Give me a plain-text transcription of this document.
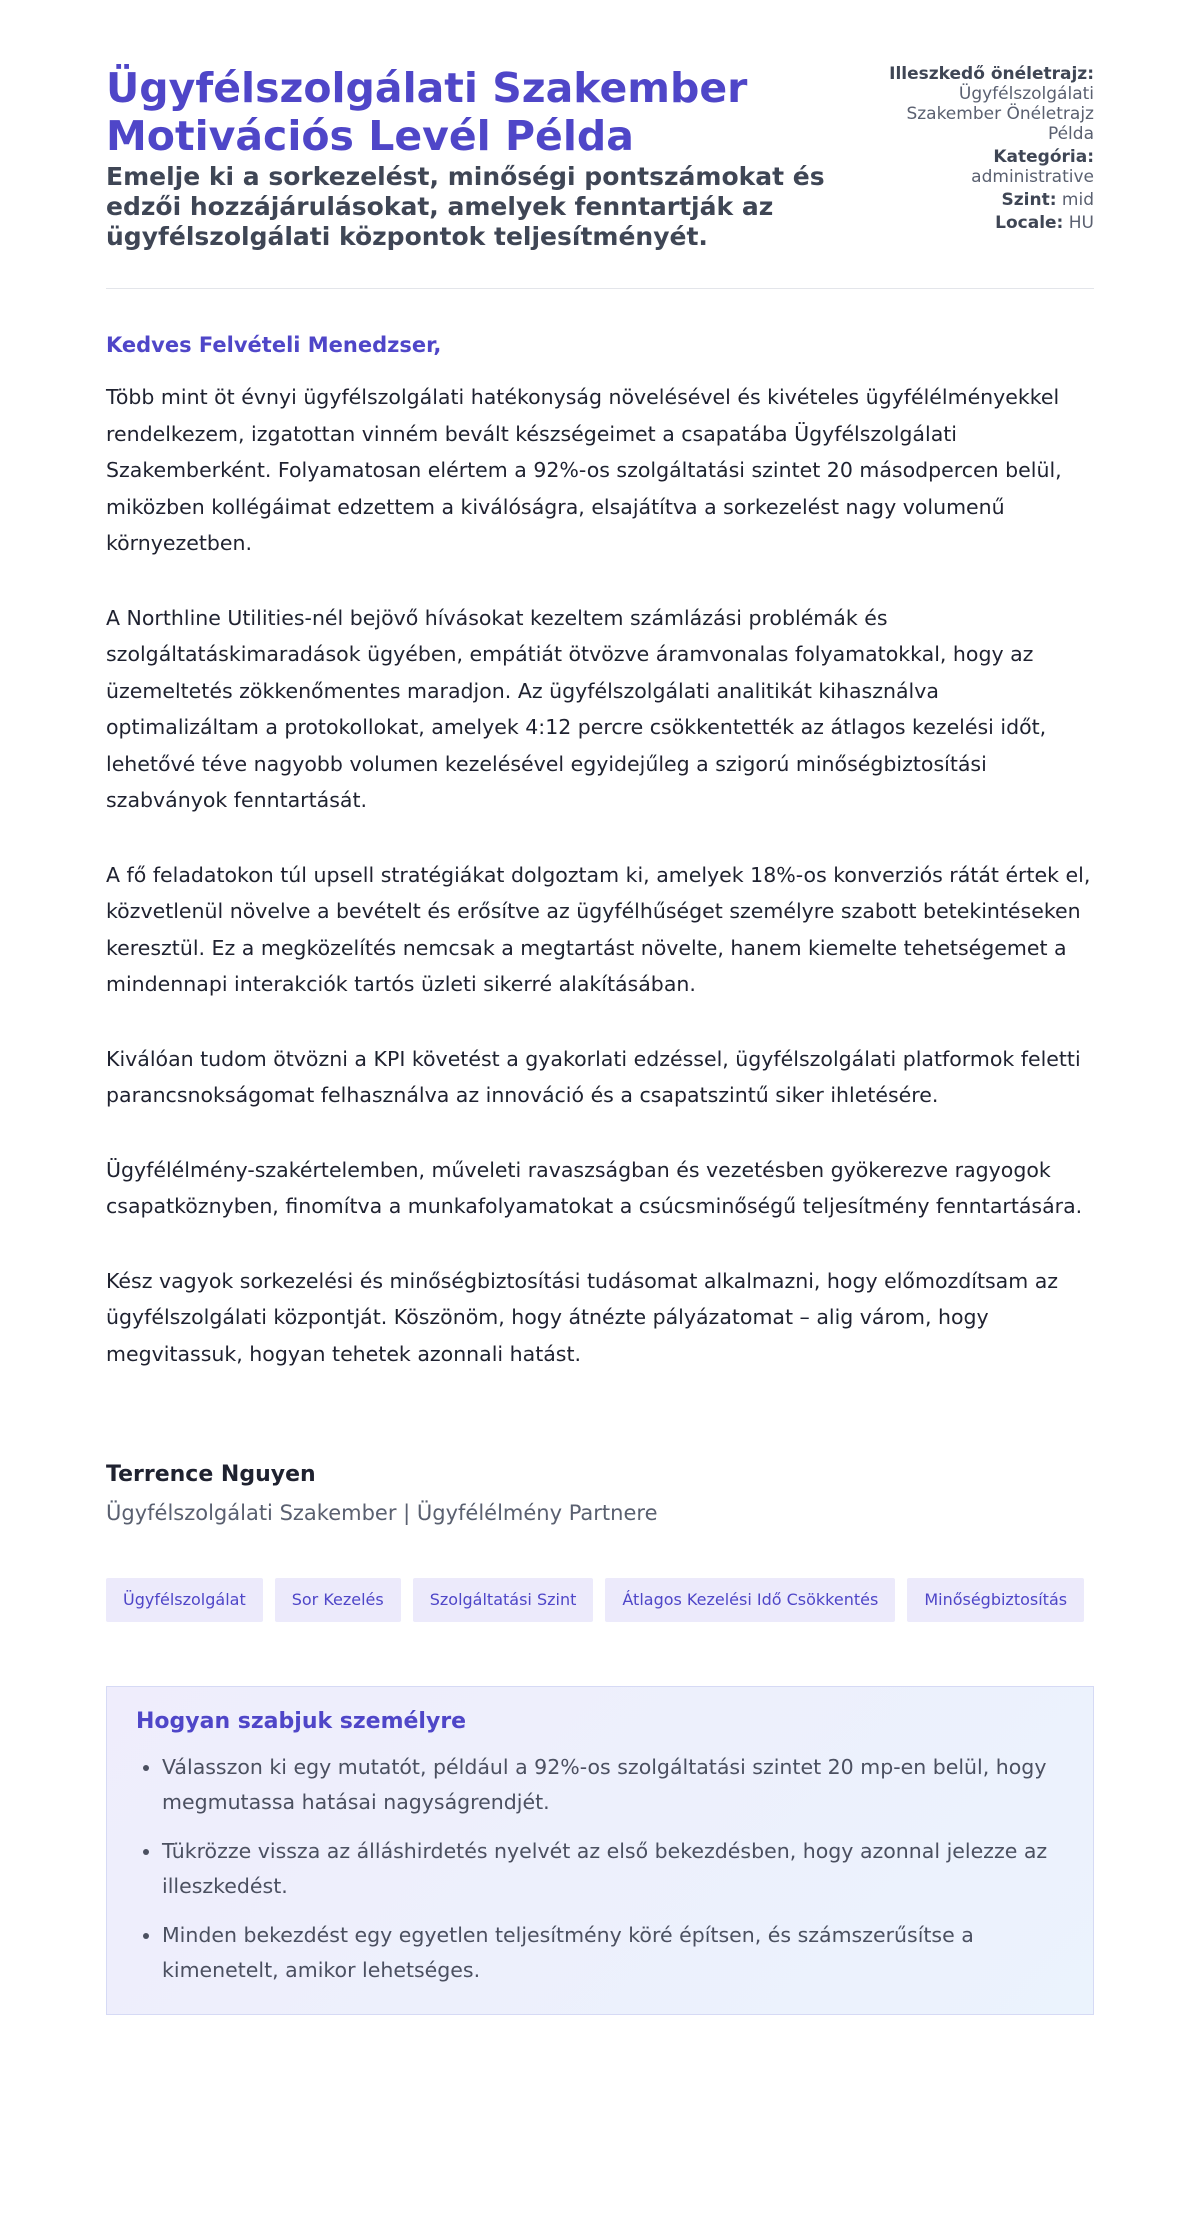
Ügyfélszolgálati Szakember Motivációs Levél Példa

Emelje ki a sorkezelést, minőségi pontszámokat és edzői hozzájárulásokat, amelyek fenntartják az ügyfélszolgálati központok teljesítményét.

Illeszkedő önéletrajz:
Ügyfélszolgálati Szakember Önéletrajz Példa
Kategória:
administrative
Szint: mid
Locale: HU

Kedves Felvételi Menedzser,

Több mint öt évnyi ügyfélszolgálati hatékonyság növelésével és kivételes ügyfélélményekkel rendelkezem, izgatottan vinném bevált készségeimet a csapatába Ügyfélszolgálati Szakemberként. Folyamatosan elértem a 92%-os szolgáltatási szintet 20 másodpercen belül, miközben kollégáimat edzettem a kiválóságra, elsajátítva a sorkezelést nagy volumenű környezetben.

A Northline Utilities-nél bejövő hívásokat kezeltem számlázási problémák és szolgáltatáskimaradások ügyében, empátiát ötvözve áramvonalas folyamatokkal, hogy az üzemeltetés zökkenőmentes maradjon. Az ügyfélszolgálati analitikát kihasználva optimalizáltam a protokollokat, amelyek 4:12 percre csökkentették az átlagos kezelési időt, lehetővé téve nagyobb volumen kezelésével egyidejűleg a szigorú minőségbiztosítási szabványok fenntartását.

A fő feladatokon túl upsell stratégiákat dolgoztam ki, amelyek 18%-os konverziós rátát értek el, közvetlenül növelve a bevételt és erősítve az ügyfélhűséget személyre szabott betekintéseken keresztül. Ez a megközelítés nemcsak a megtartást növelte, hanem kiemelte tehetségemet a mindennapi interakciók tartós üzleti sikerré alakításában.

Kiválóan tudom ötvözni a KPI követést a gyakorlati edzéssel, ügyfélszolgálati platformok feletti parancsnokságomat felhasználva az innováció és a csapatszintű siker ihletésére.

Ügyfélélmény-szakértelemben, műveleti ravaszságban és vezetésben gyökerezve ragyogok csapatköznyben, finomítva a munkafolyamatokat a csúcsminőségű teljesítmény fenntartására.

Kész vagyok sorkezelési és minőségbiztosítási tudásomat alkalmazni, hogy előmozdítsam az ügyfélszolgálati központját. Köszönöm, hogy átnézte pályázatomat – alig várom, hogy megvitassuk, hogyan tehetek azonnali hatást.

Terrence Nguyen

Ügyfélszolgálati Szakember | Ügyfélélmény Partnere

Ügyfélszolgálat	Sor Kezelés	Szolgáltatási Szint	Átlagos Kezelési Idő Csökkentés	Minőségbiztosítás
Hogyan szabjuk személyre
• Válasszon ki egy mutatót, például a 92%-os szolgáltatási szintet 20 mp-en belül, hogy megmutassa hatásai nagyságrendjét.
• Tükrözze vissza az álláshirdetés nyelvét az első bekezdésben, hogy azonnal jelezze az illeszkedést.
• Minden bekezdést egy egyetlen teljesítmény köré építsen, és számszerűsítse a kimenetelt, amikor lehetséges.
